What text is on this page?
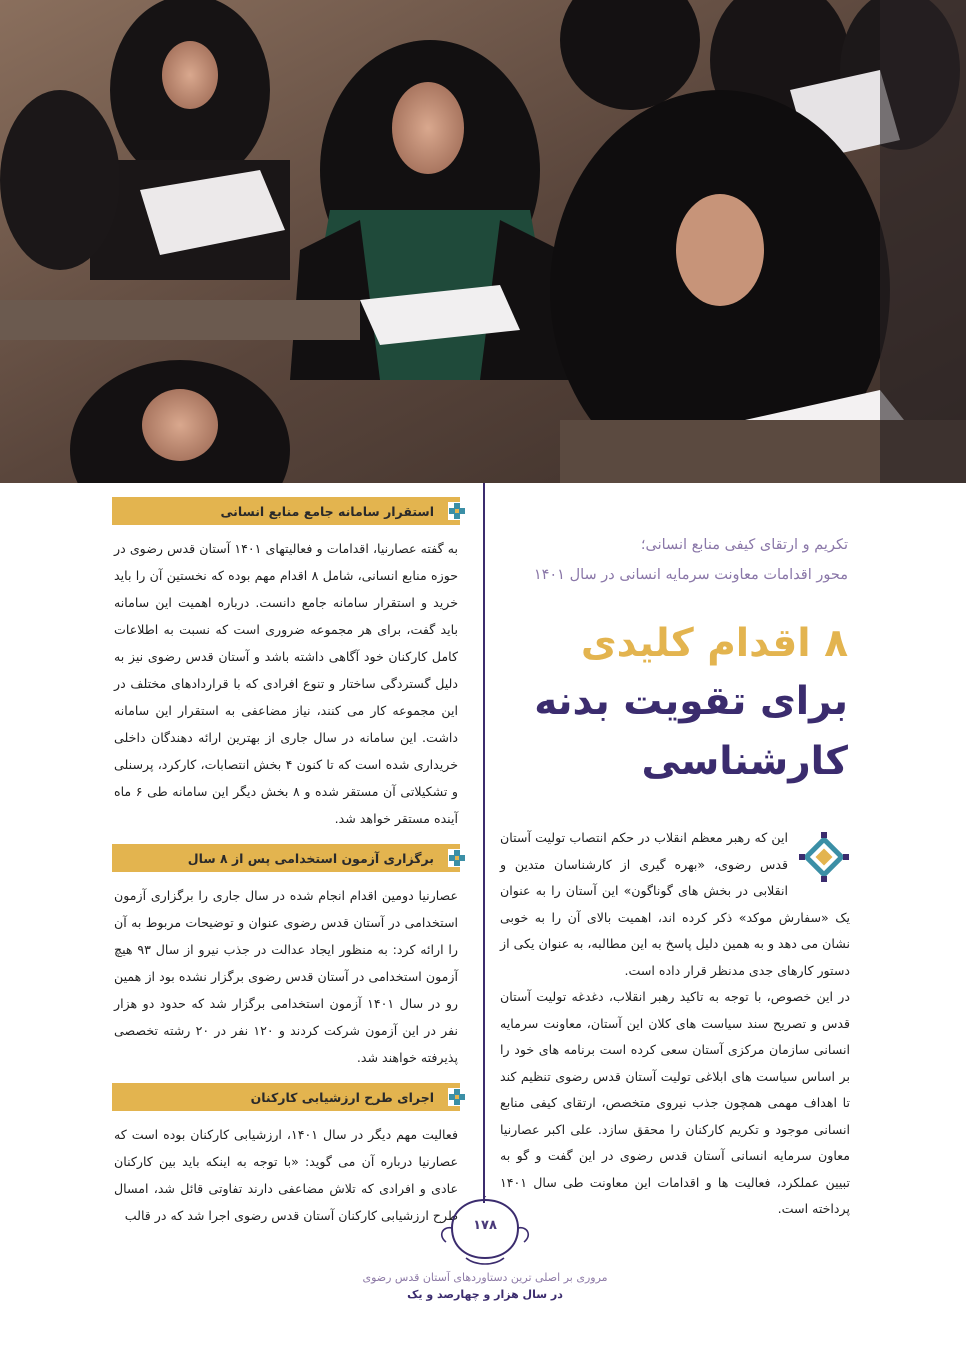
استقرار سامانه جامع منابع انسانی

به گفته عصارنیا، اقدامات و فعالیتهای ۱۴۰۱ آستان قدس رضوی در حوزه منابع انسانی، شامل ۸ اقدام مهم بوده که نخستین آن را باید خرید و استقرار سامانه جامع دانست. درباره اهمیت این سامانه باید گفت، برای هر مجموعه ضروری است که نسبت به اطلاعات کامل کارکنان خود آگاهی داشته باشد و آستان قدس رضوی نیز به دلیل گستردگی ساختار و تنوع افرادی که با قراردادهای مختلف در این مجموعه کار می کنند، نیاز مضاعفی به استقرار این سامانه داشت. این سامانه در سال جاری از بهترین ارائه دهندگان داخلی خریداری شده است که تا کنون ۴ بخش انتصابات، کارکرد، پرسنلی و تشکیلاتی آن مستقر شده و ۸ بخش دیگر این سامانه طی ۶ ماه آینده مستقر خواهد شد.

برگزاری آزمون استخدامی پس از ۸ سال

عصارنیا دومین اقدام انجام شده در سال جاری را برگزاری آزمون استخدامی در آستان قدس رضوی عنوان و توضیحات مربوط به آن را ارائه کرد: به منظور ایجاد عدالت در جذب نیرو از سال ۹۳ هیچ آزمون استخدامی در آستان قدس رضوی برگزار نشده بود از همین رو در سال ۱۴۰۱ آزمون استخدامی برگزار شد که حدود دو هزار نفر در این آزمون شرکت کردند و ۱۲۰ نفر در ۲۰ رشته تخصصی پذیرفته خواهند شد.

اجرای طرح ارزشیابی کارکنان

فعالیت مهم دیگر در سال ۱۴۰۱، ارزشیابی کارکنان بوده است که عصارنیا درباره آن می گوید: «با توجه به اینکه باید بین کارکنان عادی و افرادی که تلاش مضاعفی دارند تفاوتی قائل شد، امسال طرح ارزشیابی کارکنان آستان قدس رضوی اجرا شد که در قالب

۱۷۸
مروری بر اصلی ترین دستاوردهای آستان قدس رضوی
در سال هزار و چهارصد و یک
تکریم و ارتقای کیفی منابع انسانی؛
محور اقدامات معاونت سرمایه انسانی در سال ۱۴۰۱
۸ اقدام کلیدی
برای تقویت بدنه
کارشناسی

این که رهبر معظم انقلاب در حکم انتصاب تولیت آستان قدس رضوی، «بهره گیری از کارشناسان متدین و انقلابی در بخش های گوناگون» این آستان را به عنوان یک «سفارش موکد» ذکر کرده اند، اهمیت بالای آن را به خوبی نشان می دهد و به همین دلیل پاسخ به این مطالبه، به عنوان یکی از دستور کارهای جدی مدنظر قرار داده است.

در این خصوص، با توجه به تاکید رهبر انقلاب، دغدغه تولیت آستان قدس و تصریح سند سیاست های کلان این آستان، معاونت سرمایه انسانی سازمان مرکزی آستان سعی کرده است برنامه های خود را بر اساس سیاست های ابلاغی تولیت آستان قدس رضوی تنظیم کند تا اهداف مهمی همچون جذب نیروی متخصص، ارتقای کیفی منابع انسانی موجود و تکریم کارکنان را محقق سازد. علی اکبر عصارنیا معاون سرمایه انسانی آستان قدس رضوی در این گفت و گو به تبیین عملکرد، فعالیت ها و اقدامات این معاونت طی سال ۱۴۰۱ پرداخته است.
